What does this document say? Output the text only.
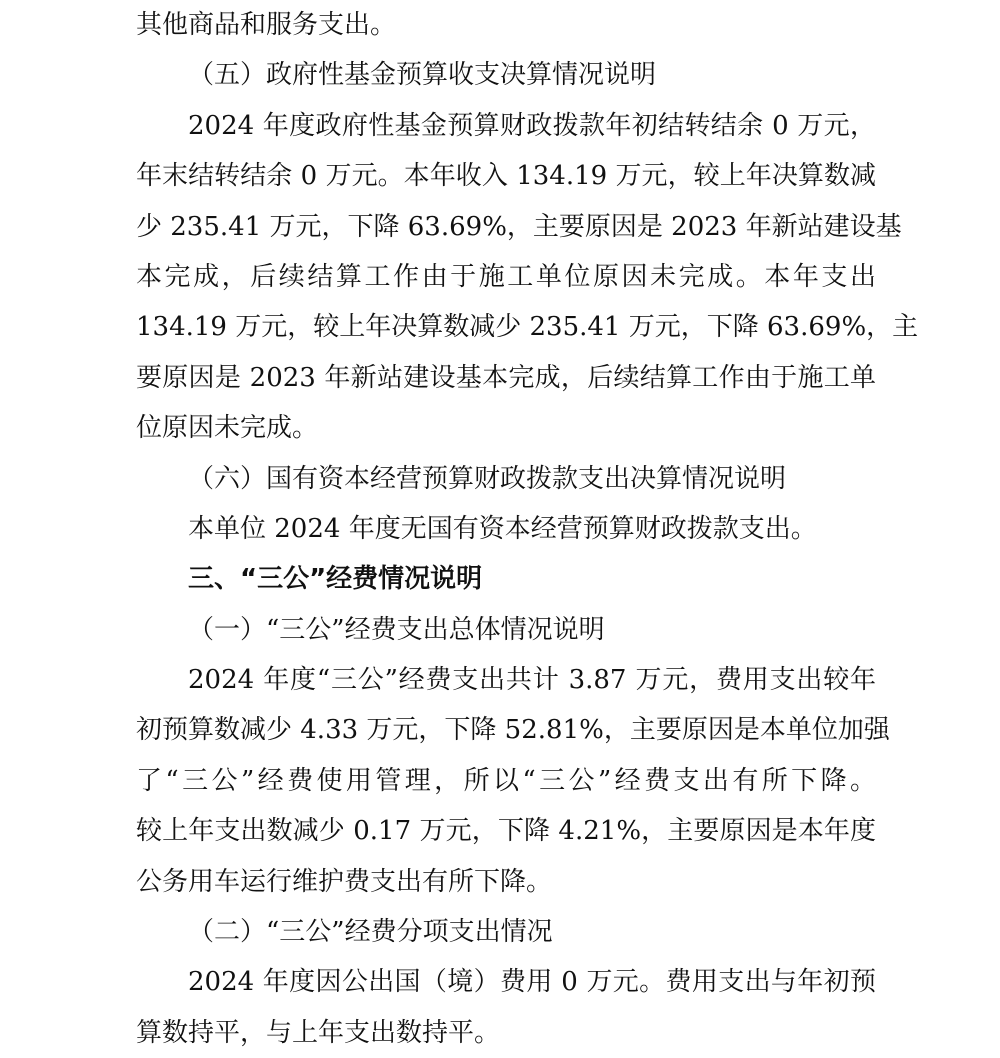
其他商品和服务支出。
（五）政府性基金预算收支决算情况说明
2024 年度政府性基金预算财政拨款年初结转结余 0 万元，
年末结转结余 0 万元。本年收入 134.19 万元，较上年决算数减
少 235.41 万元，下降 63.69%，主要原因是 2023 年新站建设基
本完成，后续结算工作由于施工单位原因未完成。本年支出
134.19 万元，较上年决算数减少 235.41 万元，下降 63.69%，主
要原因是 2023 年新站建设基本完成，后续结算工作由于施工单
位原因未完成。
（六）国有资本经营预算财政拨款支出决算情况说明
本单位 2024 年度无国有资本经营预算财政拨款支出。
三、“三公”经费情况说明
（一）“三公”经费支出总体情况说明
2024 年度“三公”经费支出共计 3.87 万元，费用支出较年
初预算数减少 4.33 万元，下降 52.81%，主要原因是本单位加强
了“三公”经费使用管理，所以“三公”经费支出有所下降。
较上年支出数减少 0.17 万元，下降 4.21%，主要原因是本年度
公务用车运行维护费支出有所下降。
（二）“三公”经费分项支出情况
2024 年度因公出国（境）费用 0 万元。费用支出与年初预
算数持平，与上年支出数持平。
